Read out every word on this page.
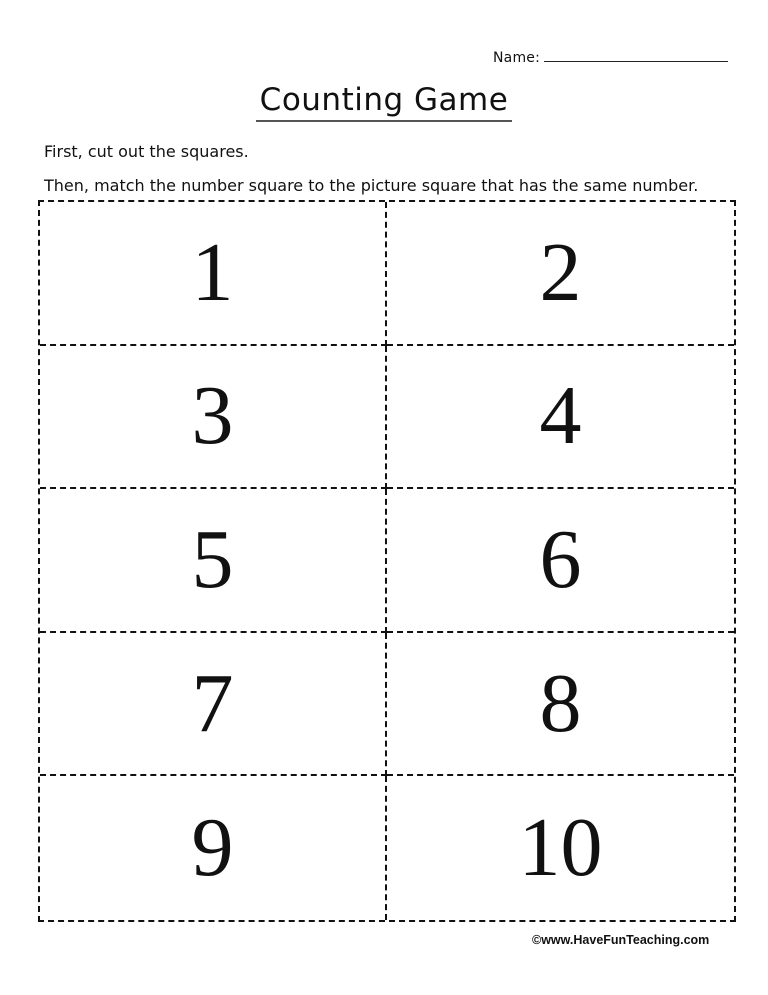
Name:
Counting Game
First, cut out the squares.
Then, match the number square to the picture square that has the same number.
1	2
3	4
5	6
7	8
9	10
©www.HaveFunTeaching.com
